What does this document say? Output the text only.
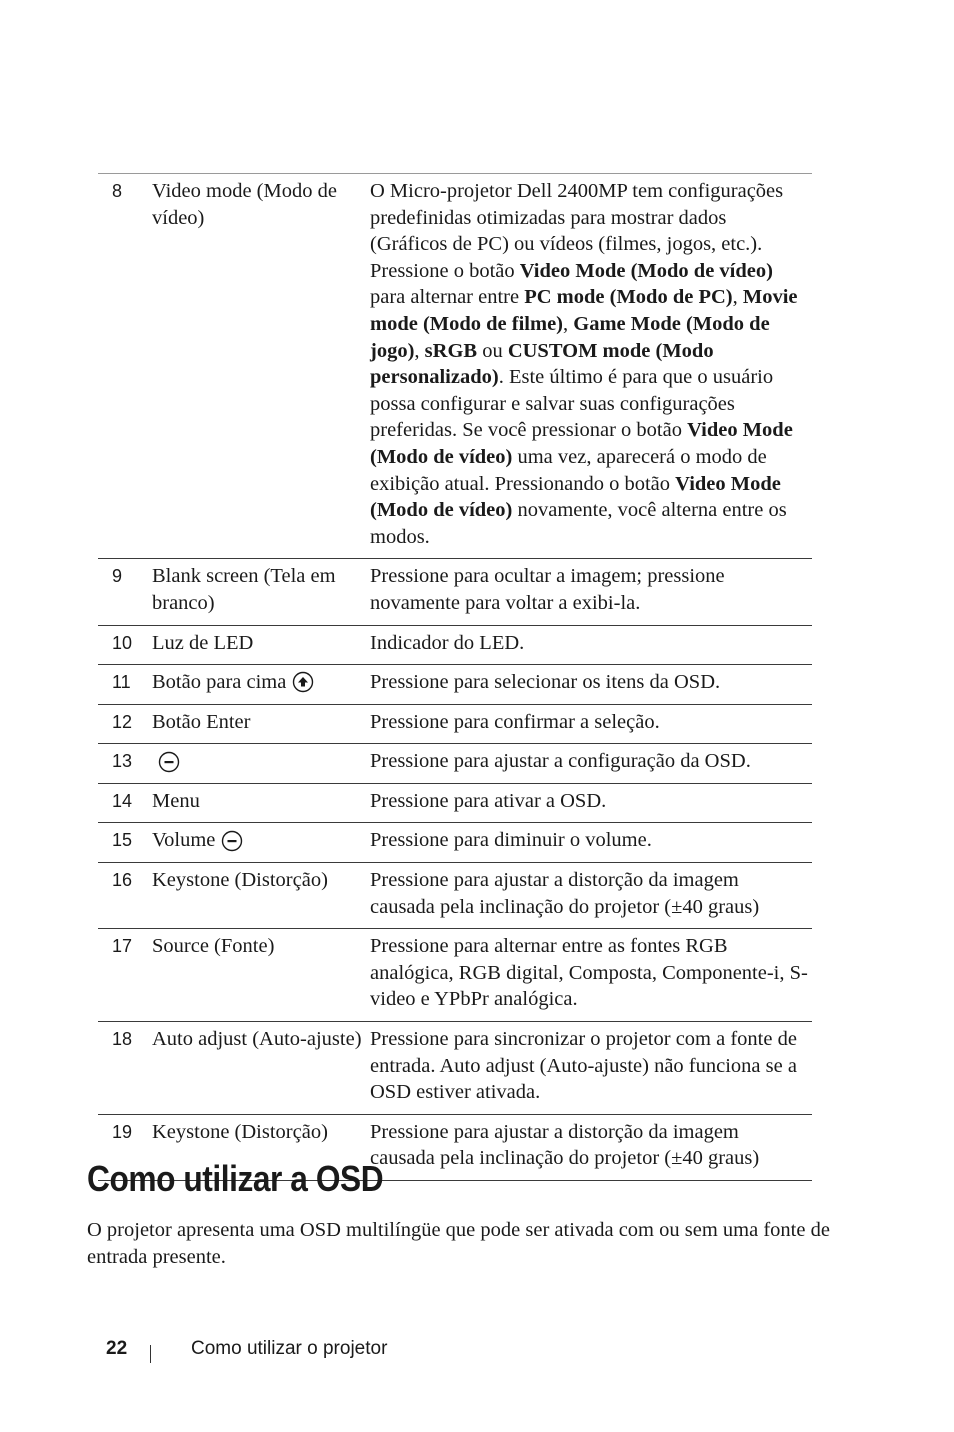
8	Video mode (Modo de vídeo)	O Micro-projetor Dell 2400MP tem configurações predefinidas otimizadas para mostrar dados (Gráficos de PC) ou vídeos (filmes, jogos, etc.). Pressione o botão Video Mode (Modo de vídeo) para alternar entre PC mode (Modo de PC), Movie mode (Modo de filme), Game Mode (Modo de jogo), sRGB ou CUSTOM mode (Modo personalizado). Este último é para que o usuário possa configurar e salvar suas configurações preferidas. Se você pressionar o botão Video Mode (Modo de vídeo) uma vez, aparecerá o modo de exibição atual. Pressionando o botão Video Mode (Modo de vídeo) novamente, você alterna entre os modos.
9	Blank screen (Tela em branco)	Pressione para ocultar a imagem; pressione novamente para voltar a exibi-la.
10	Luz de LED	Indicador do LED.
11	Botão para cima	Pressione para selecionar os itens da OSD.
12	Botão Enter	Pressione para confirmar a seleção.
13		Pressione para ajustar a configuração da OSD.
14	Menu	Pressione para ativar a OSD.
15	Volume	Pressione para diminuir o volume.
16	Keystone (Distorção)	Pressione para ajustar a distorção da imagem causada pela inclinação do projetor (±40 graus)
17	Source (Fonte)	Pressione para alternar entre as fontes RGB analógica, RGB digital, Composta, Componente-i, S-video e YPbPr analógica.
18	Auto adjust (Auto-ajuste)	Pressione para sincronizar o projetor com a fonte de entrada. Auto adjust (Auto-ajuste) não funciona se a OSD estiver ativada.
19	Keystone (Distorção)	Pressione para ajustar a distorção da imagem causada pela inclinação do projetor (±40 graus)
Como utilizar a OSD

O projetor apresenta uma OSD multilíngüe que pode ser ativada com ou sem uma fonte de entrada presente.

22	Como utilizar o projetor
